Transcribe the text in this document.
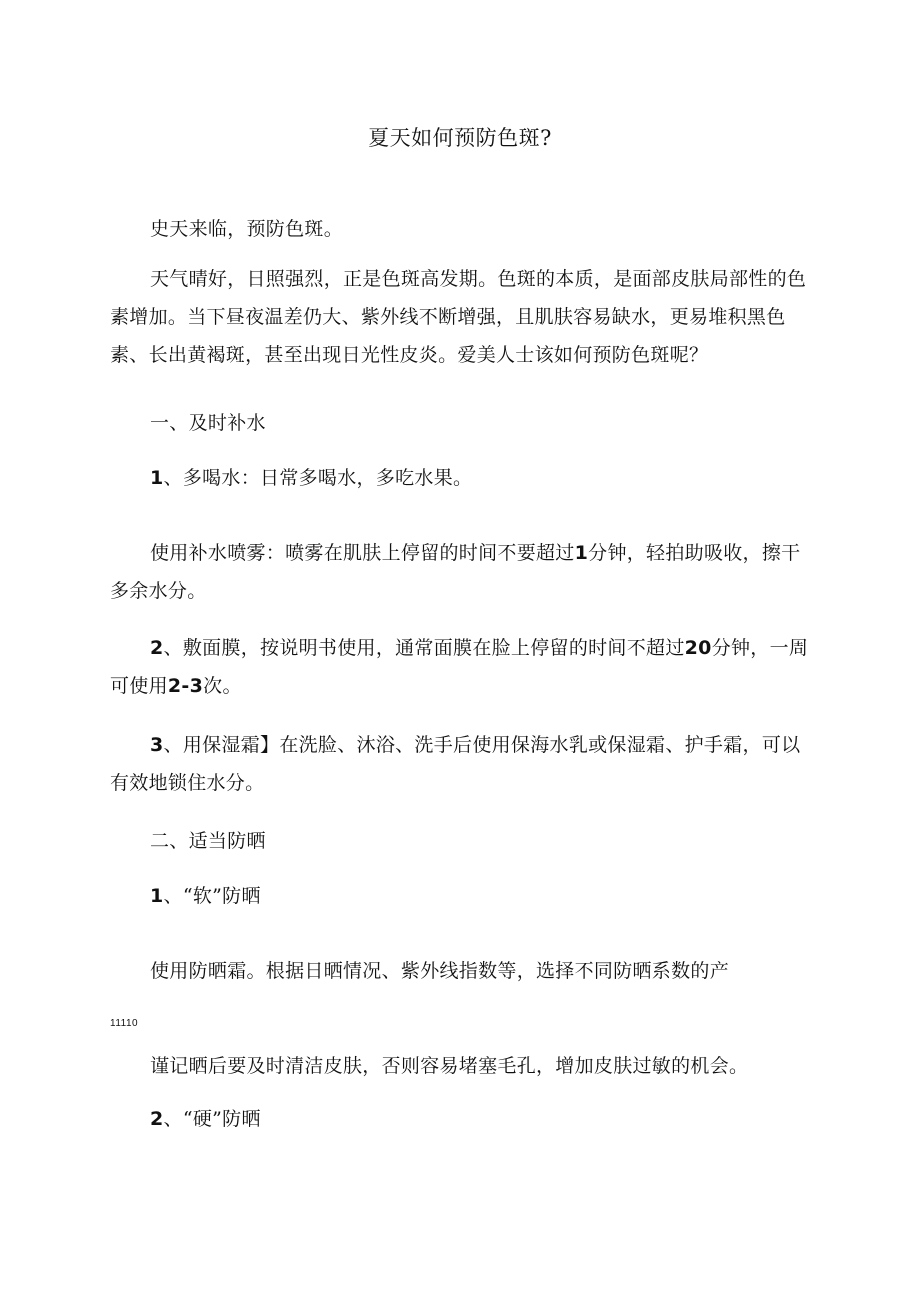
夏天如何预防色斑?
史天来临，预防色斑。
天气晴好，日照强烈，正是色斑高发期。色斑的本质，是面部皮肤局部性的色素增加。当下昼夜温差仍大、紫外线不断增强，且肌肤容易缺水，更易堆积黑色素、长出黄褐斑，甚至出现日光性皮炎。爱美人士该如何预防色斑呢？
一、及时补水
1、多喝水：日常多喝水，多吃水果。
使用补水喷雾：喷雾在肌肤上停留的时间不要超过1分钟，轻拍助吸收，擦干多余水分。
2、敷面膜，按说明书使用，通常面膜在脸上停留的时间不超过20分钟，一周可使用2-3次。
3、用保湿霜】在洗脸、沐浴、洗手后使用保海水乳或保湿霜、护手霜，可以有效地锁住水分。
二、适当防晒
1、“软”防晒
使用防晒霜。根据日晒情况、紫外线指数等，选择不同防晒系数的产
11110
谨记晒后要及时清洁皮肤，否则容易堵塞毛孔，增加皮肤过敏的机会。
2、“硬”防晒
